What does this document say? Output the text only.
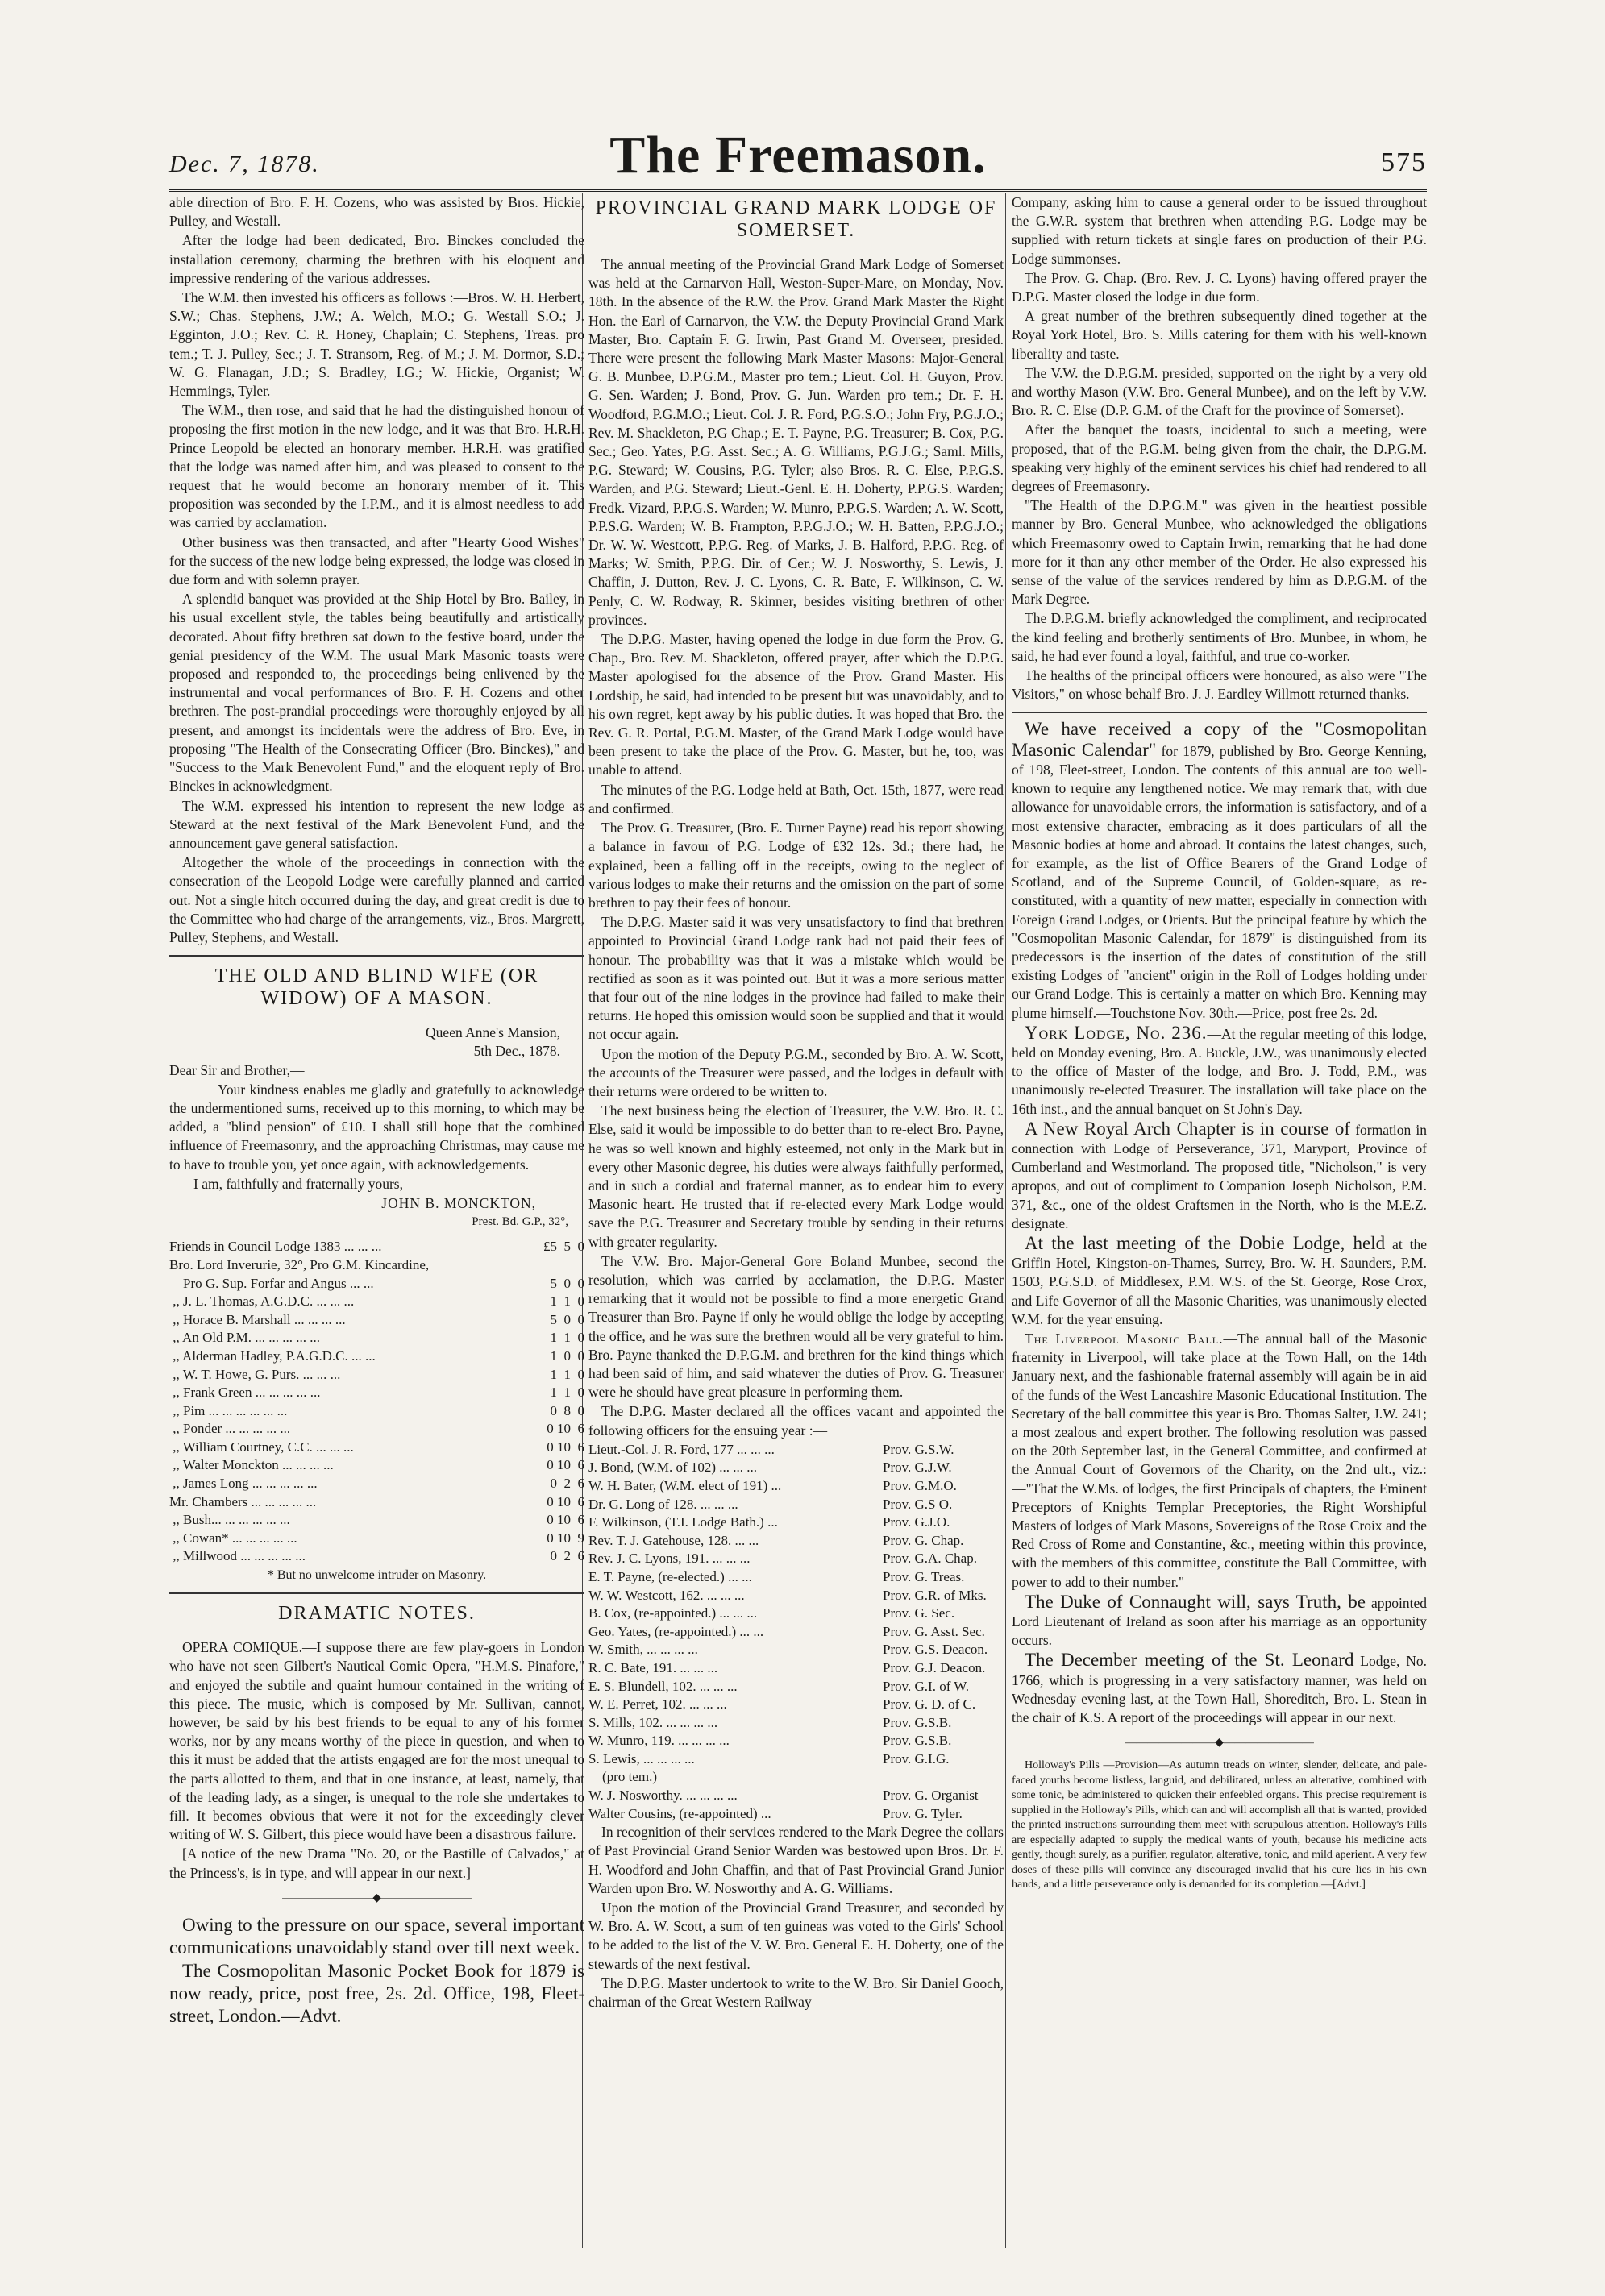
Dec. 7, 1878.	The Freemason.	575

able direction of Bro. F. H. Cozens, who was assisted by Bros. Hickie, Pulley, and Westall.

After the lodge had been dedicated, Bro. Binckes concluded the installation ceremony, charming the brethren with his eloquent and impressive rendering of the various addresses.

The W.M. then invested his officers as follows :—Bros. W. H. Herbert, S.W.; Chas. Stephens, J.W.; A. Welch, M.O.; G. Westall S.O.; J. Egginton, J.O.; Rev. C. R. Honey, Chaplain; C. Stephens, Treas. pro tem.; T. J. Pulley, Sec.; J. T. Stransom, Reg. of M.; J. M. Dormor, S.D.; W. G. Flanagan, J.D.; S. Bradley, I.G.; W. Hickie, Organist; W. Hemmings, Tyler.

The W.M., then rose, and said that he had the distinguished honour of proposing the first motion in the new lodge, and it was that Bro. H.R.H. Prince Leopold be elected an honorary member. H.R.H. was gratified that the lodge was named after him, and was pleased to consent to the request that he would become an honorary member of it. This proposition was seconded by the I.P.M., and it is almost needless to add was carried by acclamation.

Other business was then transacted, and after "Hearty Good Wishes" for the success of the new lodge being expressed, the lodge was closed in due form and with solemn prayer.

A splendid banquet was provided at the Ship Hotel by Bro. Bailey, in his usual excellent style, the tables being beautifully and artistically decorated. About fifty brethren sat down to the festive board, under the genial presidency of the W.M. The usual Mark Masonic toasts were proposed and responded to, the proceedings being enlivened by the instrumental and vocal performances of Bro. F. H. Cozens and other brethren. The post-prandial proceedings were thoroughly enjoyed by all present, and amongst its incidentals were the address of Bro. Eve, in proposing "The Health of the Consecrating Officer (Bro. Binckes)," and "Success to the Mark Benevolent Fund," and the eloquent reply of Bro. Binckes in acknowledgment.

The W.M. expressed his intention to represent the new lodge as Steward at the next festival of the Mark Benevolent Fund, and the announcement gave general satisfaction.

Altogether the whole of the proceedings in connection with the consecration of the Leopold Lodge were carefully planned and carried out. Not a single hitch occurred during the day, and great credit is due to the Committee who had charge of the arrangements, viz., Bros. Margrett, Pulley, Stephens, and Westall.

THE OLD AND BLIND WIFE (OR WIDOW) OF A MASON.
Queen Anne's Mansion,
5th Dec., 1878.

Dear Sir and Brother,—

Your kindness enables me gladly and gratefully to acknowledge the undermentioned sums, received up to this morning, to which may be added, a "blind pension" of £10. I shall still hope that the combined influence of Freemasonry, and the approaching Christmas, may cause me to have to trouble you, yet once again, with acknowledgements.

I am, faithfully and fraternally yours,

JOHN B. MONCKTON,
Prest. Bd. G.P., 32°,
Friends in Council Lodge 1383 ... ... ...	£5  5  0
Bro. Lord Inverurie, 32°, Pro G.M. Kincardine,	
Pro G. Sup. Forfar and Angus ... ...	5  0  0
,, J. L. Thomas, A.G.D.C. ... ... ...	1  1  0
,, Horace B. Marshall ... ... ... ...	5  0  0
,, An Old P.M. ... ... ... ... ...	1  1  0
,, Alderman Hadley, P.A.G.D.C. ... ...	1  0  0
,, W. T. Howe, G. Purs. ... ... ...	1  1  0
,, Frank Green ... ... ... ... ...	1  1  0
,, Pim ... ... ... ... ... ...	0  8  0
,, Ponder ... ... ... ... ...	0 10  6
,, William Courtney, C.C. ... ... ...	0 10  6
,, Walter Monckton ... ... ... ...	0 10  6
,, James Long ... ... ... ... ...	0  2  6
Mr. Chambers ... ... ... ... ...	0 10  6
,, Bush... ... ... ... ... ...	0 10  6
,, Cowan* ... ... ... ... ...	0 10  9
,, Millwood ... ... ... ... ...	0  2  6
* But no unwelcome intruder on Masonry.
DRAMATIC NOTES.

OPERA COMIQUE.—I suppose there are few play-goers in London who have not seen Gilbert's Nautical Comic Opera, "H.M.S. Pinafore," and enjoyed the subtile and quaint humour contained in the writing of this piece. The music, which is composed by Mr. Sullivan, cannot, however, be said by his best friends to be equal to any of his former works, nor by any means worthy of the piece in question, and when to this it must be added that the artists engaged are for the most unequal to the parts allotted to them, and that in one instance, at least, namely, that of the leading lady, as a singer, is unequal to the role she undertakes to fill. It becomes obvious that were it not for the exceedingly clever writing of W. S. Gilbert, this piece would have been a disastrous failure.

[A notice of the new Drama "No. 20, or the Bastille of Calvados," at the Princess's, is in type, and will appear in our next.]

————————◆————————

Owing to the pressure on our space, several important communications unavoidably stand over till next week.

The Cosmopolitan Masonic Pocket Book for 1879 is now ready, price, post free, 2s. 2d. Office, 198, Fleet-street, London.—Advt.

PROVINCIAL GRAND MARK LODGE OF SOMERSET.

The annual meeting of the Provincial Grand Mark Lodge of Somerset was held at the Carnarvon Hall, Weston-Super-Mare, on Monday, Nov. 18th. In the absence of the R.W. the Prov. Grand Mark Master the Right Hon. the Earl of Carnarvon, the V.W. the Deputy Provincial Grand Mark Master, Bro. Captain F. G. Irwin, Past Grand M. Overseer, presided. There were present the following Mark Master Masons: Major-General G. B. Munbee, D.P.G.M., Master pro tem.; Lieut. Col. H. Guyon, Prov. G. Sen. Warden; J. Bond, Prov. G. Jun. Warden pro tem.; Dr. F. H. Woodford, P.G.M.O.; Lieut. Col. J. R. Ford, P.G.S.O.; John Fry, P.G.J.O.; Rev. M. Shackleton, P.G Chap.; E. T. Payne, P.G. Treasurer; B. Cox, P.G. Sec.; Geo. Yates, P.G. Asst. Sec.; A. G. Williams, P.G.J.G.; Saml. Mills, P.G. Steward; W. Cousins, P.G. Tyler; also Bros. R. C. Else, P.P.G.S. Warden, and P.G. Steward; Lieut.-Genl. E. H. Doherty, P.P.G.S. Warden; Fredk. Vizard, P.P.G.S. Warden; W. Munro, P.P.G.S. Warden; A. W. Scott, P.P.S.G. Warden; W. B. Frampton, P.P.G.J.O.; W. H. Batten, P.P.G.J.O.; Dr. W. W. Westcott, P.P.G. Reg. of Marks, J. B. Halford, P.P.G. Reg. of Marks; W. Smith, P.P.G. Dir. of Cer.; W. J. Nosworthy, S. Lewis, J. Chaffin, J. Dutton, Rev. J. C. Lyons, C. R. Bate, F. Wilkinson, C. W. Penly, C. W. Rodway, R. Skinner, besides visiting brethren of other provinces.

The D.P.G. Master, having opened the lodge in due form the Prov. G. Chap., Bro. Rev. M. Shackleton, offered prayer, after which the D.P.G. Master apologised for the absence of the Prov. Grand Master. His Lordship, he said, had intended to be present but was unavoidably, and to his own regret, kept away by his public duties. It was hoped that Bro. the Rev. G. R. Portal, P.G.M. Master, of the Grand Mark Lodge would have been present to take the place of the Prov. G. Master, but he, too, was unable to attend.

The minutes of the P.G. Lodge held at Bath, Oct. 15th, 1877, were read and confirmed.

The Prov. G. Treasurer, (Bro. E. Turner Payne) read his report showing a balance in favour of P.G. Lodge of £32 12s. 3d.; there had, he explained, been a falling off in the receipts, owing to the neglect of various lodges to make their returns and the omission on the part of some brethren to pay their fees of honour.

The D.P.G. Master said it was very unsatisfactory to find that brethren appointed to Provincial Grand Lodge rank had not paid their fees of honour. The probability was that it was a mistake which would be rectified as soon as it was pointed out. But it was a more serious matter that four out of the nine lodges in the province had failed to make their returns. He hoped this omission would soon be supplied and that it would not occur again.

Upon the motion of the Deputy P.G.M., seconded by Bro. A. W. Scott, the accounts of the Treasurer were passed, and the lodges in default with their returns were ordered to be written to.

The next business being the election of Treasurer, the V.W. Bro. R. C. Else, said it would be impossible to do better than to re-elect Bro. Payne, he was so well known and highly esteemed, not only in the Mark but in every other Masonic degree, his duties were always faithfully performed, and in such a cordial and fraternal manner, as to endear him to every Masonic heart. He trusted that if re-elected every Mark Lodge would save the P.G. Treasurer and Secretary trouble by sending in their returns with greater regularity.

The V.W. Bro. Major-General Gore Boland Munbee, second the resolution, which was carried by acclamation, the D.P.G. Master remarking that it would not be possible to find a more energetic Grand Treasurer than Bro. Payne if only he would oblige the lodge by accepting the office, and he was sure the brethren would all be very grateful to him. Bro. Payne thanked the D.P.G.M. and brethren for the kind things which had been said of him, and said whatever the duties of Prov. G. Treasurer were he should have great pleasure in performing them.

The D.P.G. Master declared all the offices vacant and appointed the following officers for the ensuing year :—

Lieut.-Col. J. R. Ford, 177 ... ... ...	Prov. G.S.W.
J. Bond, (W.M. of 102) ... ... ...	Prov. G.J.W.
W. H. Bater, (W.M. elect of 191) ...	Prov. G.M.O.
Dr. G. Long of 128. ... ... ...	Prov. G.S O.
F. Wilkinson, (T.I. Lodge Bath.) ...	Prov. G.J.O.
Rev. T. J. Gatehouse, 128. ... ...	Prov. G. Chap.
Rev. J. C. Lyons, 191. ... ... ...	Prov. G.A. Chap.
E. T. Payne, (re-elected.) ... ...	Prov. G. Treas.
W. W. Westcott, 162. ... ... ...	Prov. G.R. of Mks.
B. Cox, (re-appointed.) ... ... ...	Prov. G. Sec.
Geo. Yates, (re-appointed.) ... ...	Prov. G. Asst. Sec.
W. Smith, ... ... ... ...	Prov. G.S. Deacon.
R. C. Bate, 191. ... ... ...	Prov. G.J. Deacon.
E. S. Blundell, 102. ... ... ...	Prov. G.I. of W.
W. E. Perret, 102. ... ... ...	Prov. G. D. of C.
S. Mills, 102. ... ... ... ...	Prov. G.S.B.
W. Munro, 119. ... ... ... ...	Prov. G.S.B.
S. Lewis, ... ... ... ...	Prov. G.I.G.
(pro tem.)	
W. J. Nosworthy. ... ... ... ...	Prov. G. Organist
Walter Cousins, (re-appointed) ...	Prov. G. Tyler.

In recognition of their services rendered to the Mark Degree the collars of Past Provincial Grand Senior Warden was bestowed upon Bros. Dr. F. H. Woodford and John Chaffin, and that of Past Provincial Grand Junior Warden upon Bro. W. Nosworthy and A. G. Williams.

Upon the motion of the Provincial Grand Treasurer, and seconded by W. Bro. A. W. Scott, a sum of ten guineas was voted to the Girls' School to be added to the list of the V. W. Bro. General E. H. Doherty, one of the stewards of the next festival.

The D.P.G. Master undertook to write to the W. Bro. Sir Daniel Gooch, chairman of the Great Western Railway

Company, asking him to cause a general order to be issued throughout the G.W.R. system that brethren when attending P.G. Lodge may be supplied with return tickets at single fares on production of their P.G. Lodge summonses.

The Prov. G. Chap. (Bro. Rev. J. C. Lyons) having offered prayer the D.P.G. Master closed the lodge in due form.

A great number of the brethren subsequently dined together at the Royal York Hotel, Bro. S. Mills catering for them with his well-known liberality and taste.

The V.W. the D.P.G.M. presided, supported on the right by a very old and worthy Mason (V.W. Bro. General Munbee), and on the left by V.W. Bro. R. C. Else (D.P. G.M. of the Craft for the province of Somerset).

After the banquet the toasts, incidental to such a meeting, were proposed, that of the P.G.M. being given from the chair, the D.P.G.M. speaking very highly of the eminent services his chief had rendered to all degrees of Freemasonry.

"The Health of the D.P.G.M." was given in the heartiest possible manner by Bro. General Munbee, who acknowledged the obligations which Freemasonry owed to Captain Irwin, remarking that he had done more for it than any other member of the Order. He also expressed his sense of the value of the services rendered by him as D.P.G.M. of the Mark Degree.

The D.P.G.M. briefly acknowledged the compliment, and reciprocated the kind feeling and brotherly sentiments of Bro. Munbee, in whom, he said, he had ever found a loyal, faithful, and true co-worker.

The healths of the principal officers were honoured, as also were "The Visitors," on whose behalf Bro. J. J. Eardley Willmott returned thanks.

We have received a copy of the "Cosmopolitan Masonic Calendar" for 1879, published by Bro. George Kenning, of 198, Fleet-street, London. The contents of this annual are too well-known to require any lengthened notice. We may remark that, with due allowance for unavoidable errors, the information is satisfactory, and of a most extensive character, embracing as it does particulars of all the Masonic bodies at home and abroad. It contains the latest changes, such, for example, as the list of Office Bearers of the Grand Lodge of Scotland, and of the Supreme Council, of Golden-square, as re-constituted, with a quantity of new matter, especially in connection with Foreign Grand Lodges, or Orients. But the principal feature by which the "Cosmopolitan Masonic Calendar, for 1879" is distinguished from its predecessors is the insertion of the dates of constitution of the still existing Lodges of "ancient" origin in the Roll of Lodges holding under our Grand Lodge. This is certainly a matter on which Bro. Kenning may plume himself.—Touchstone Nov. 30th.—Price, post free 2s. 2d.

York Lodge, No. 236.—At the regular meeting of this lodge, held on Monday evening, Bro. A. Buckle, J.W., was unanimously elected to the office of Master of the lodge, and Bro. J. Todd, P.M., was unanimously re-elected Treasurer. The installation will take place on the 16th inst., and the annual banquet on St John's Day.

A New Royal Arch Chapter is in course of formation in connection with Lodge of Perseverance, 371, Maryport, Province of Cumberland and Westmorland. The proposed title, "Nicholson," is very apropos, and out of compliment to Companion Joseph Nicholson, P.M. 371, &c., one of the oldest Craftsmen in the North, who is the M.E.Z. designate.

At the last meeting of the Dobie Lodge, held at the Griffin Hotel, Kingston-on-Thames, Surrey, Bro. W. H. Saunders, P.M. 1503, P.G.S.D. of Middlesex, P.M. W.S. of the St. George, Rose Crox, and Life Governor of all the Masonic Charities, was unanimously elected W.M. for the year ensuing.

The Liverpool Masonic Ball.—The annual ball of the Masonic fraternity in Liverpool, will take place at the Town Hall, on the 14th January next, and the fashionable fraternal assembly will again be in aid of the funds of the West Lancashire Masonic Educational Institution. The Secretary of the ball committee this year is Bro. Thomas Salter, J.W. 241; a most zealous and expert brother. The following resolution was passed on the 20th September last, in the General Committee, and confirmed at the Annual Court of Governors of the Charity, on the 2nd ult., viz.:—"That the W.Ms. of lodges, the first Principals of chapters, the Eminent Preceptors of Knights Templar Preceptories, the Right Worshipful Masters of lodges of Mark Masons, Sovereigns of the Rose Croix and the Red Cross of Rome and Constantine, &c., meeting within this province, with the members of this committee, constitute the Ball Committee, with power to add to their number."

The Duke of Connaught will, says Truth, be appointed Lord Lieutenant of Ireland as soon after his marriage as an opportunity occurs.

The December meeting of the St. Leonard Lodge, No. 1766, which is progressing in a very satisfactory manner, was held on Wednesday evening last, at the Town Hall, Shoreditch, Bro. L. Stean in the chair of K.S. A report of the proceedings will appear in our next.

————————◆————————

Holloway's Pills —Provision—As autumn treads on winter, slender, delicate, and pale-faced youths become listless, languid, and debilitated, unless an alterative, combined with some tonic, be administered to quicken their enfeebled organs. This precise requirement is supplied in the Holloway's Pills, which can and will accomplish all that is wanted, provided the printed instructions surrounding them meet with scrupulous attention. Holloway's Pills are especially adapted to supply the medical wants of youth, because his medicine acts gently, though surely, as a purifier, regulator, alterative, tonic, and mild aperient. A very few doses of these pills will convince any discouraged invalid that his cure lies in his own hands, and a little perseverance only is demanded for its completion.—[Advt.]
